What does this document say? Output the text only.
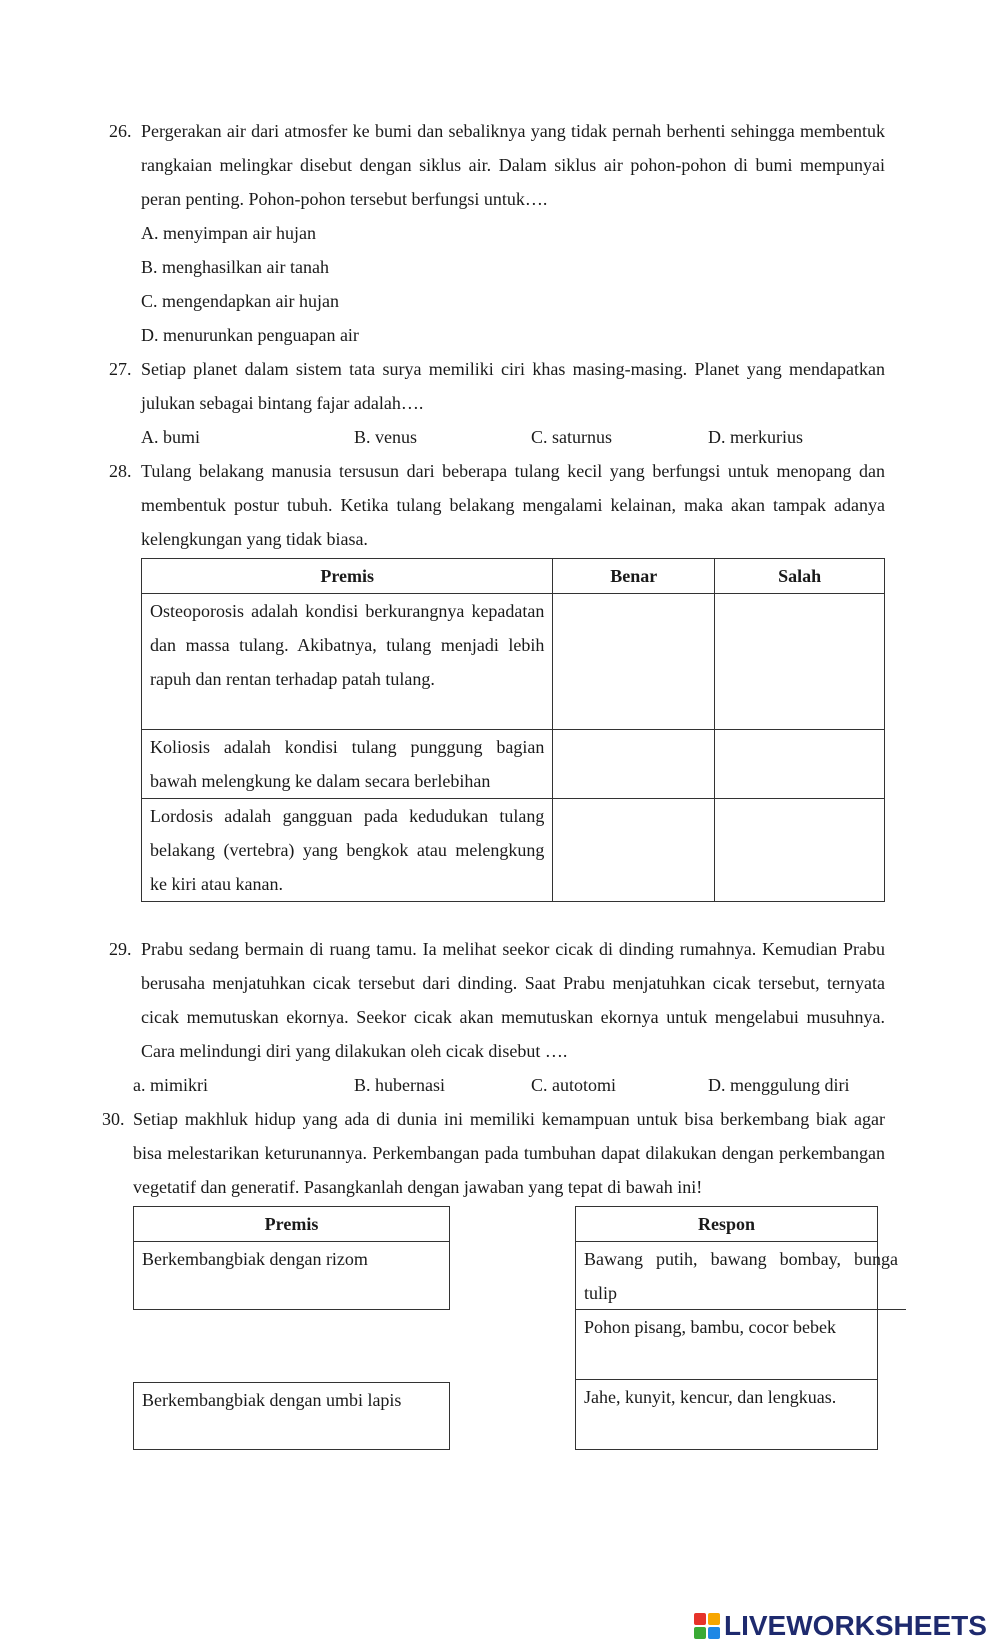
26. Pergerakan air dari atmosfer ke bumi dan sebaliknya yang tidak pernah berhenti sehingga membentuk rangkaian melingkar disebut dengan siklus air. Dalam siklus air pohon-pohon di bumi mempunyai peran penting. Pohon-pohon tersebut berfungsi untuk….

A. menyimpan air hujan
B. menghasilkan air tanah
C. mengendapkan air hujan
D. menurunkan penguapan air
27. Setiap planet dalam sistem tata surya memiliki ciri khas masing-masing. Planet yang mendapatkan julukan sebagai bintang fajar adalah….

A. bumi	B. venus	C. saturnus	D. merkurius
28. Tulang belakang manusia tersusun dari beberapa tulang kecil yang berfungsi untuk menopang dan membentuk postur tubuh. Ketika tulang belakang mengalami kelainan, maka akan tampak adanya kelengkungan yang tidak biasa.

Premis	Benar	Salah
Osteoporosis adalah kondisi berkurangnya kepadatan dan massa tulang. Akibatnya, tulang menjadi lebih rapuh dan rentan terhadap patah tulang.		
Koliosis adalah kondisi tulang punggung bagian bawah melengkung ke dalam secara berlebihan		
Lordosis adalah gangguan pada kedudukan tulang belakang (vertebra) yang bengkok atau melengkung ke kiri atau kanan.		
29. Prabu sedang bermain di ruang tamu. Ia melihat seekor cicak di dinding rumahnya. Kemudian Prabu berusaha menjatuhkan cicak tersebut dari dinding. Saat Prabu menjatuhkan cicak tersebut, ternyata cicak memutuskan ekornya. Seekor cicak akan memutuskan ekornya untuk mengelabui musuhnya. Cara melindungi diri yang dilakukan oleh cicak disebut ….

a. mimikri	B. hubernasi	C. autotomi	D. menggulung diri
30. Setiap makhluk hidup yang ada di dunia ini memiliki kemampuan untuk bisa berkembang biak agar bisa melestarikan keturunannya. Perkembangan pada tumbuhan dapat dilakukan dengan perkembangan vegetatif dan generatif. Pasangkanlah dengan jawaban yang tepat di bawah ini!

Premis
Berkembangbiak dengan rizom
Berkembangbiak dengan umbi lapis
Respon
Bawang putih, bawang bombay, bunga tulip
Pohon pisang, bambu, cocor bebek
Jahe, kunyit, kencur, dan lengkuas.
LIVEWORKSHEETS
